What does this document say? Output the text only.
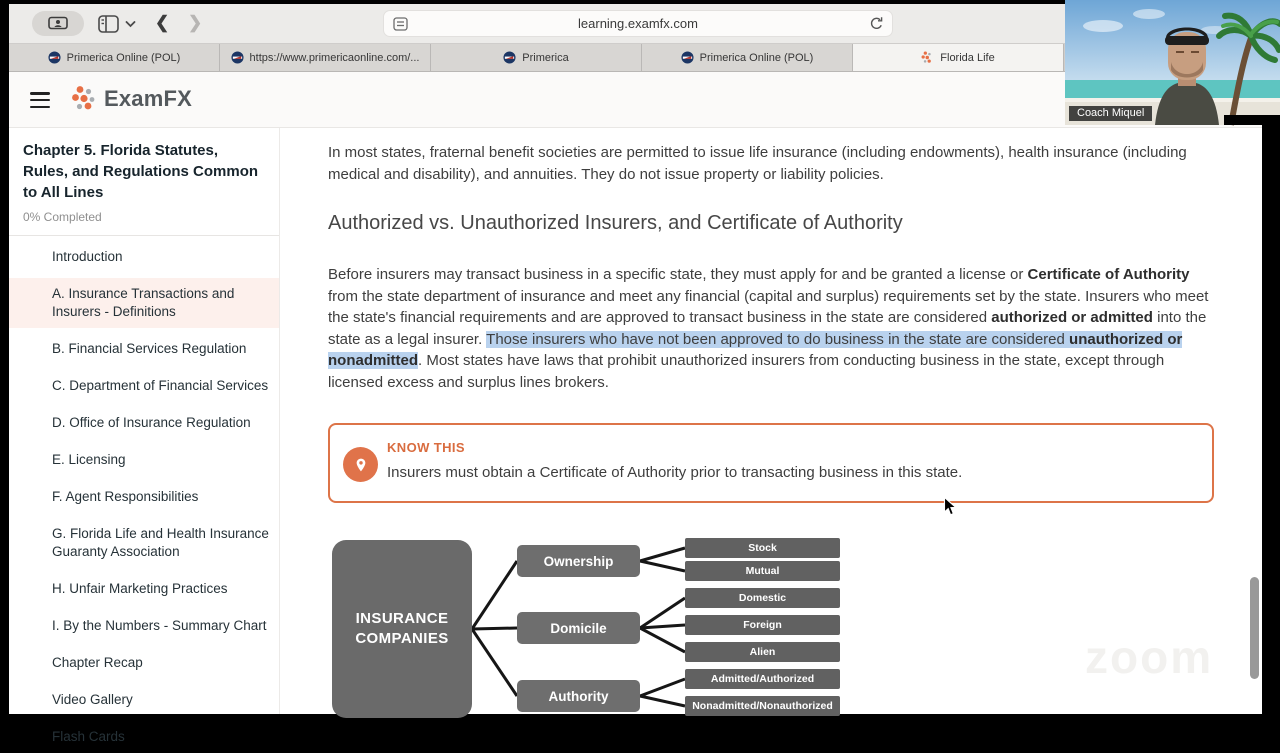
❮ ❯	learning.examfx.com
Primerica Online (POL)	https://www.primericaonline.com/...	Primerica	Primerica Online (POL)	Florida Life
ExamFX
Chapter 5. Florida Statutes, Rules, and Regulations Common to All Lines
0% Completed
Introduction
A. Insurance Transactions and Insurers - Definitions
B. Financial Services Regulation
C. Department of Financial Services
D. Office of Insurance Regulation
E. Licensing
F. Agent Responsibilities
G. Florida Life and Health Insurance Guaranty Association
H. Unfair Marketing Practices
I. By the Numbers - Summary Chart
Chapter Recap
Video Gallery
Flash Cards
zoom

In most states, fraternal benefit societies are permitted to issue life insurance (including endowments), health insurance (including medical and disability), and annuities. They do not issue property or liability policies.

Authorized vs. Unauthorized Insurers, and Certificate of Authority

Before insurers may transact business in a specific state, they must apply for and be granted a license or Certificate of Authority from the state department of insurance and meet any financial (capital and surplus) requirements set by the state. Insurers who meet the state's financial requirements and are approved to transact business in the state are considered authorized or admitted into the state as a legal insurer. Those insurers who have not been approved to do business in the state are considered unauthorized or nonadmitted. Most states have laws that prohibit unauthorized insurers from conducting business in the state, except through licensed excess and surplus lines brokers.

KNOW THIS
Insurers must obtain a Certificate of Authority prior to transacting business in this state.
INSURANCE COMPANIES
Ownership
Domicile
Authority
Stock
Mutual
Domestic
Foreign
Alien
Admitted/Authorized
Nonadmitted/Nonauthorized
Coach Miquel
